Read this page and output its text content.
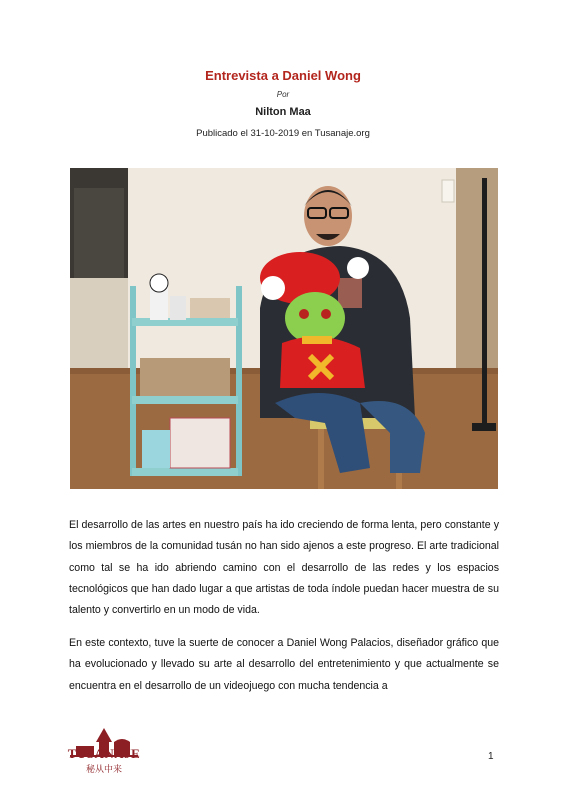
Entrevista a Daniel Wong
Por
Nilton Maa
Publicado el 31-10-2019 en Tusanaje.org

El desarrollo de las artes en nuestro país ha ido creciendo de forma lenta, pero constante y los miembros de la comunidad tusán no han sido ajenos a este progreso. El arte tradicional como tal se ha ido abriendo camino con el desarrollo de las redes y los espacios tecnológicos que han dado lugar a que artistas de toda índole puedan hacer muestra de su talento y convertirlo en un modo de vida.

En este contexto, tuve la suerte de conocer a Daniel Wong Palacios, diseñador gráfico que ha evolucionado y llevado su arte al desarrollo del entretenimiento y que actualmente se encuentra en el desarrollo de un videojuego con mucha tendencia a

TUSANAJE
秘从中来
1
